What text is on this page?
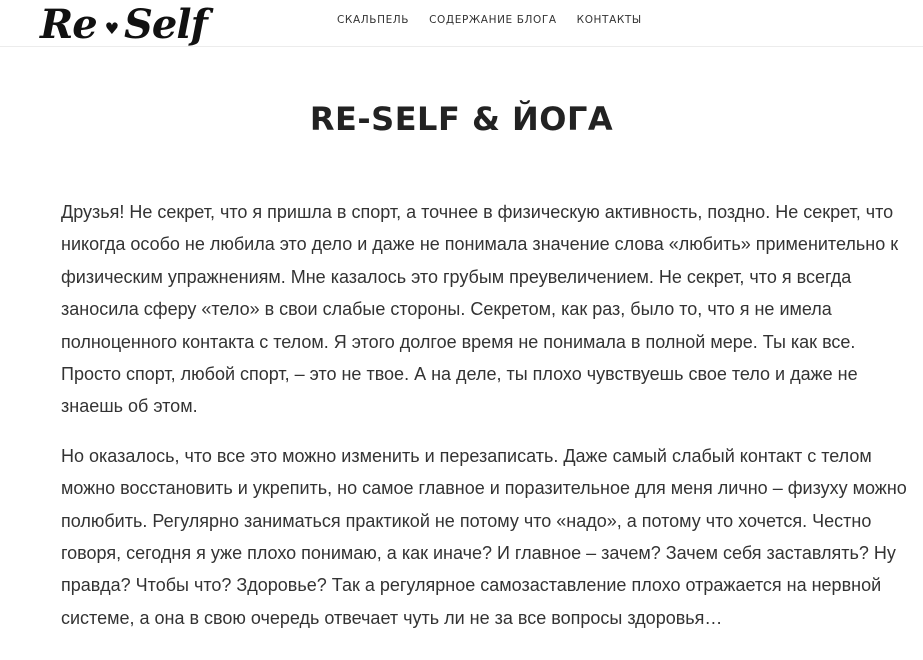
Re ♥ Self	СКАЛЬПЕЛЬ СОДЕРЖАНИЕ БЛОГА КОНТАКТЫ
RE-SELF & ЙОГА

Друзья! Не секрет, что я пришла в спорт, а точнее в физическую активность, поздно. Не секрет, что никогда особо не любила это дело и даже не понимала значение слова «любить» применительно к физическим упражнениям. Мне казалось это грубым преувеличением. Не секрет, что я всегда заносила сферу «тело» в свои слабые стороны. Секретом, как раз, было то, что я не имела полноценного контакта с телом. Я этого долгое время не понимала в полной мере. Ты как все. Просто спорт, любой спорт, – это не твое. А на деле, ты плохо чувствуешь свое тело и даже не знаешь об этом.

Но оказалось, что все это можно изменить и перезаписать. Даже самый слабый контакт с телом можно восстановить и укрепить, но самое главное и поразительное для меня лично – физуху можно полюбить. Регулярно заниматься практикой не потому что «надо», а потому что хочется. Честно говоря, сегодня я уже плохо понимаю, а как иначе? И главное – зачем? Зачем себя заставлять? Ну правда? Чтобы что? Здоровье? Так а регулярное самозаставление плохо отражается на нервной системе, а она в свою очередь отвечает чуть ли не за все вопросы здоровья…
